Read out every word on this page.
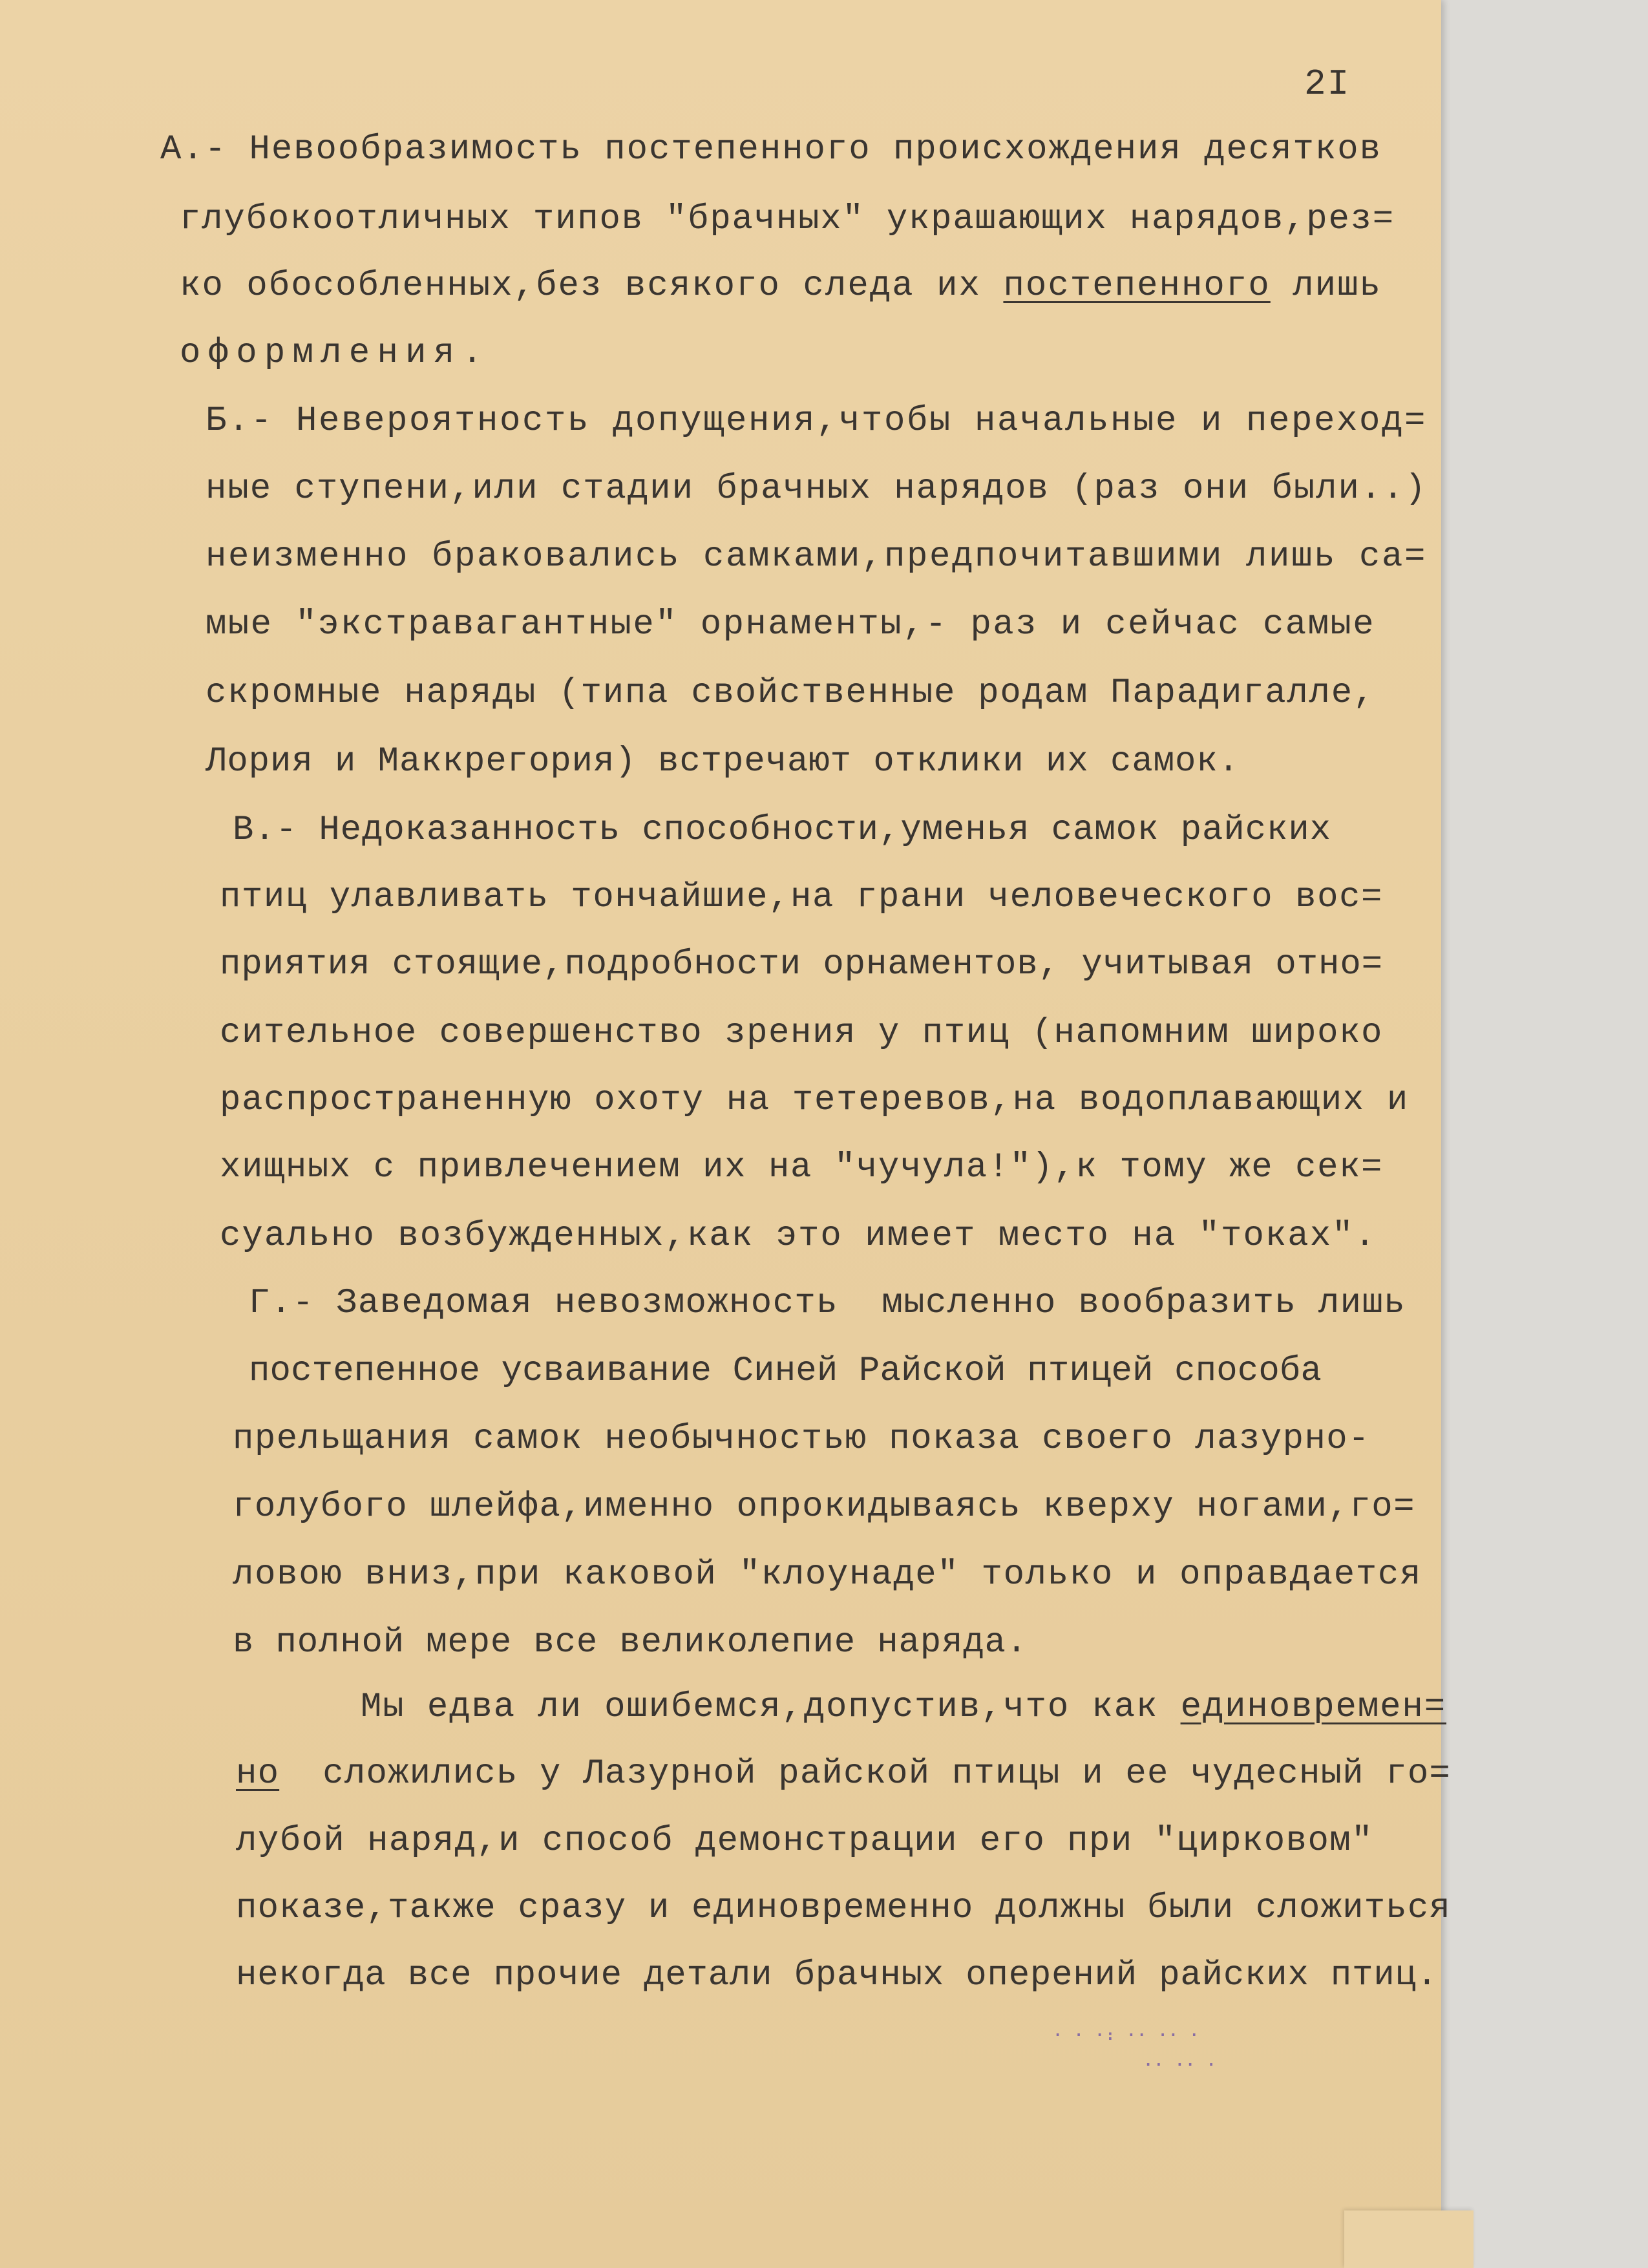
2I
А.- Невообразимость постепенного происхождения десятков
глубокоотличных типов "брачных" украшающих нарядов,рез=
ко обособленных,без всякого следа их постепенного лишь
оформления.
Б.- Невероятность допущения,чтобы начальные и переход=
ные ступени,или стадии брачных нарядов (раз они были..)
неизменно браковались самками,предпочитавшими лишь са=
мые "экстравагантные" орнаменты,- раз и сейчас самые
скромные наряды (типа свойственные родам Парадигалле,
Лория и Маккрегория) встречают отклики их самок.
В.- Недоказанность способности,уменья самок райских
птиц улавливать тончайшие,на грани человеческого вос=
приятия стоящие,подробности орнаментов, учитывая отно=
сительное совершенство зрения у птиц (напомним широко
распространенную охоту на тетеревов,на водоплавающих и
хищных с привлечением их на "чучула!"),к тому же сек=
суально возбужденных,как это имеет место на "токах".
Г.- Заведомая невозможность  мысленно вообразить лишь
постепенное усваивание Синей Райской птицей способа
прельщания самок необычностью показа своего лазурно-
голубого шлейфа,именно опрокидываясь кверху ногами,го=
ловою вниз,при каковой "клоунаде" только и оправдается
в полной мере все великолепие наряда.
Мы едва ли ошибемся,допустив,что как единовремен=
но  сложились у Лазурной райской птицы и ее чудесный го=
лубой наряд,и способ демонстрации его при "цирковом"
показе,также сразу и единовременно должны были сложиться
некогда все прочие детали брачных оперений райских птиц.
· · ·: ·· ·· ·
·· ·· ·
